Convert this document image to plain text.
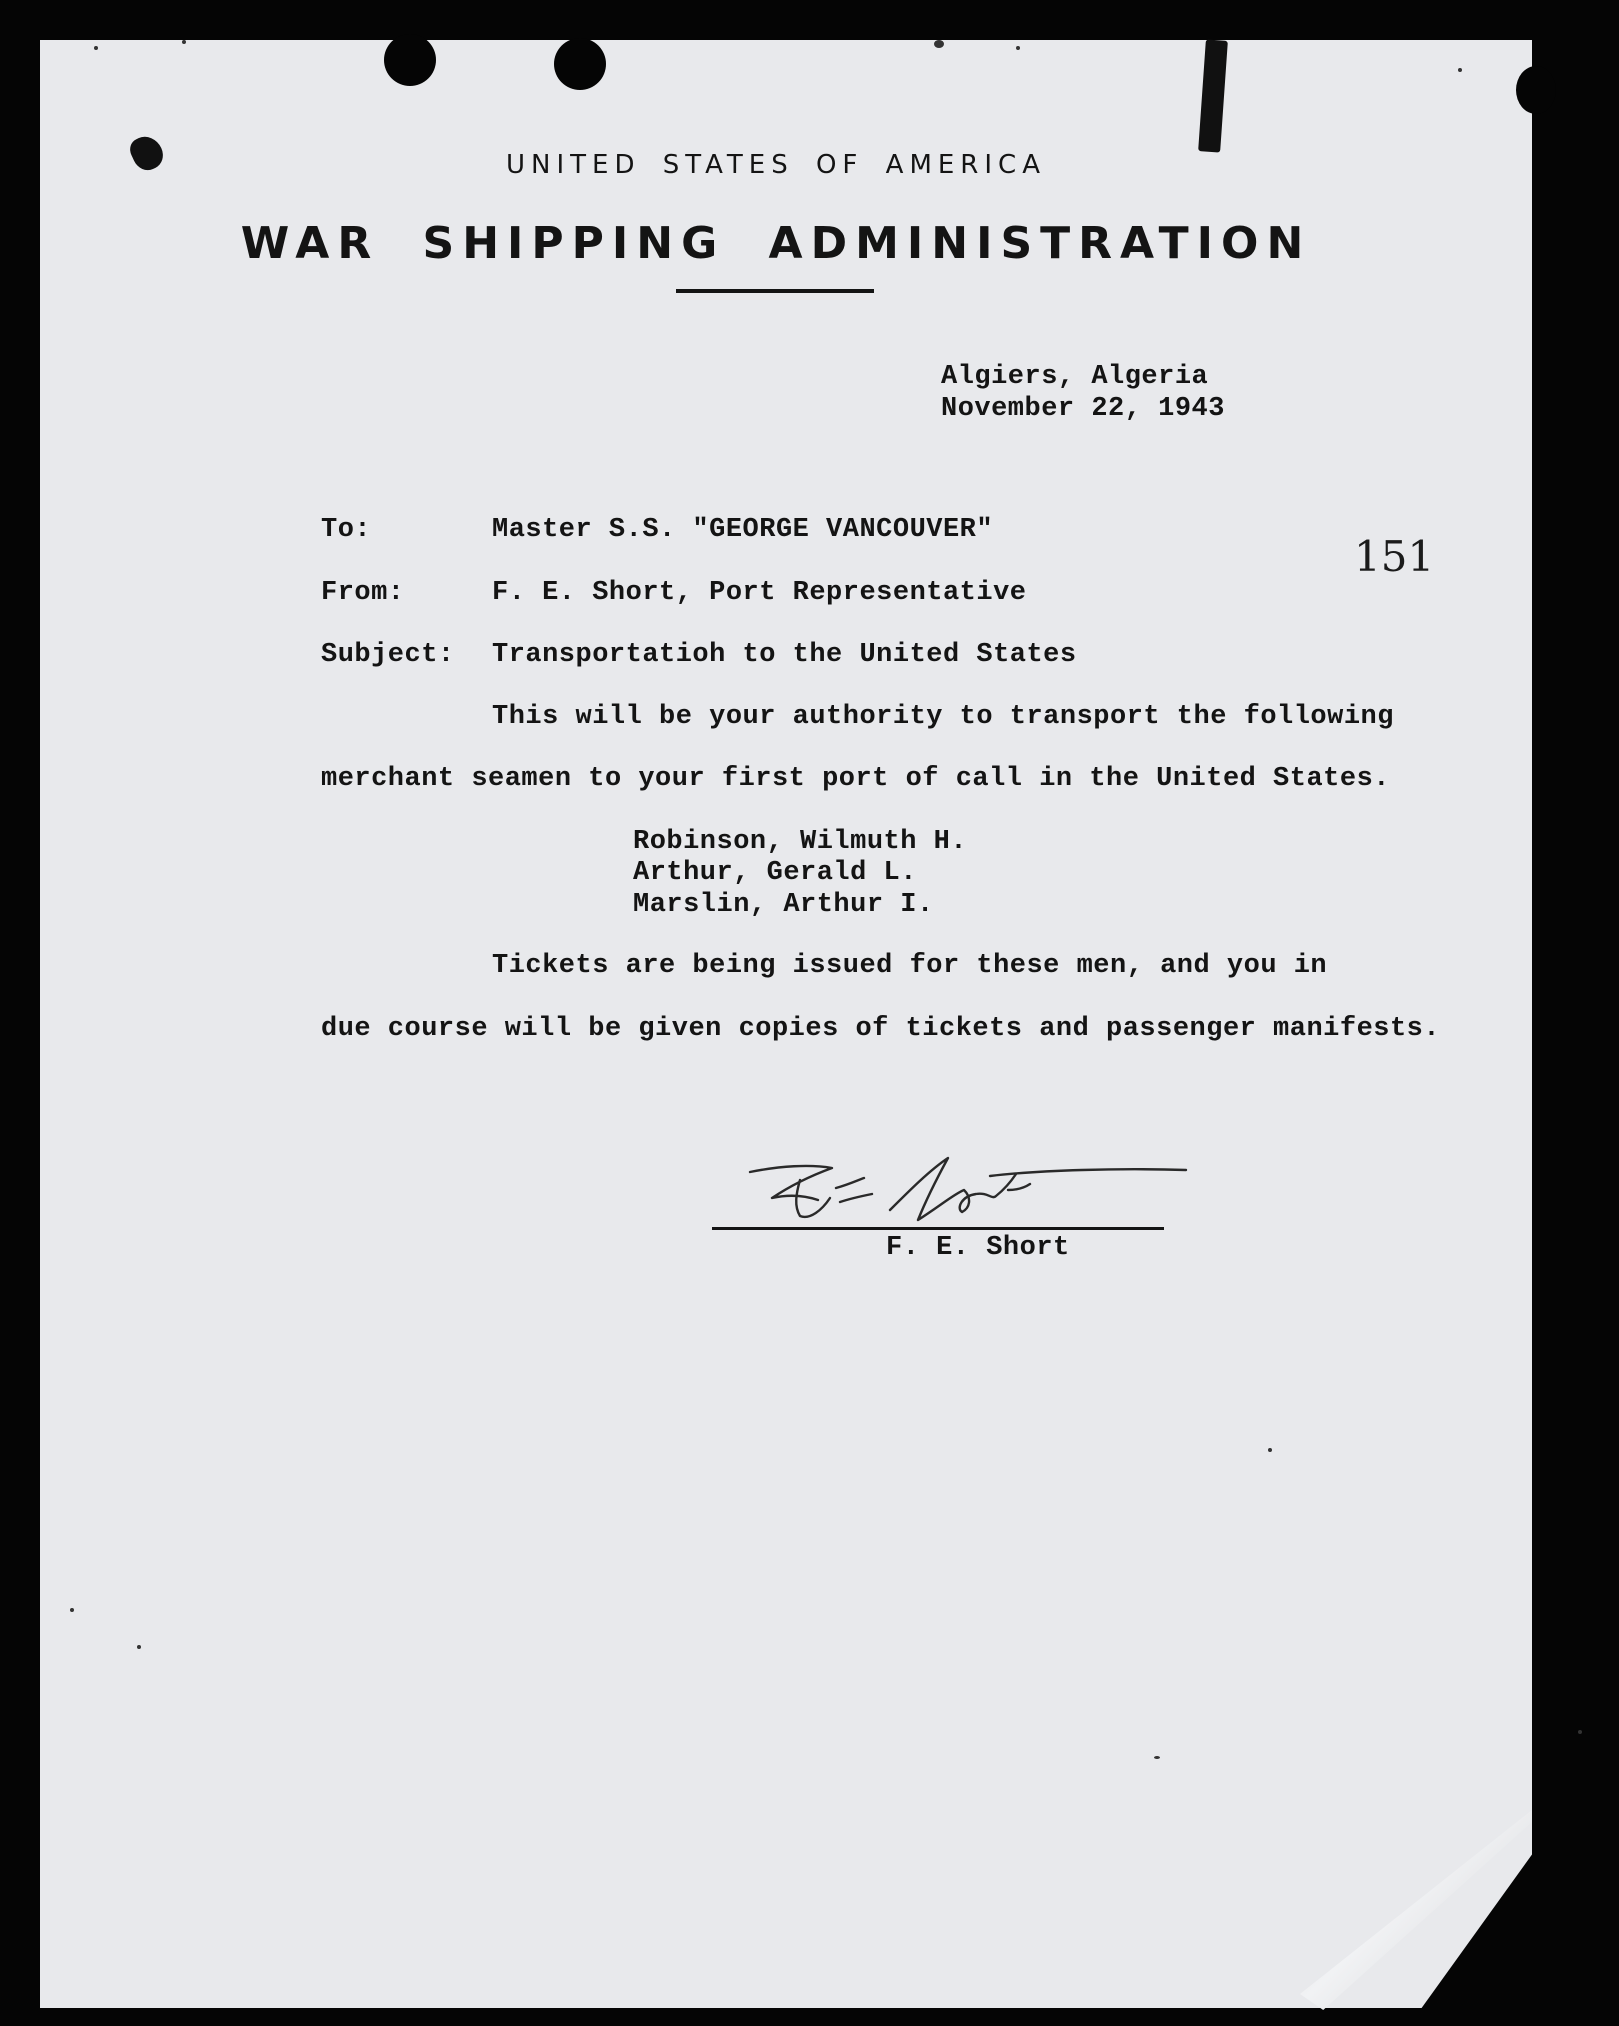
UNITED STATES OF AMERICA
WAR SHIPPING ADMINISTRATION
Algiers, Algeria
November 22, 1943
151
To:	Master S.S. "GEORGE VANCOUVER"
From:	F. E. Short, Port Representative
Subject: Transportatioh to the United States
This will be your authority to transport the following
merchant seamen to your first port of call in the United States.
Robinson, Wilmuth H.
Arthur, Gerald L.
Marslin, Arthur I.
Tickets are being issued for these men, and you in
due course will be given copies of tickets and passenger manifests.
F. E. Short
